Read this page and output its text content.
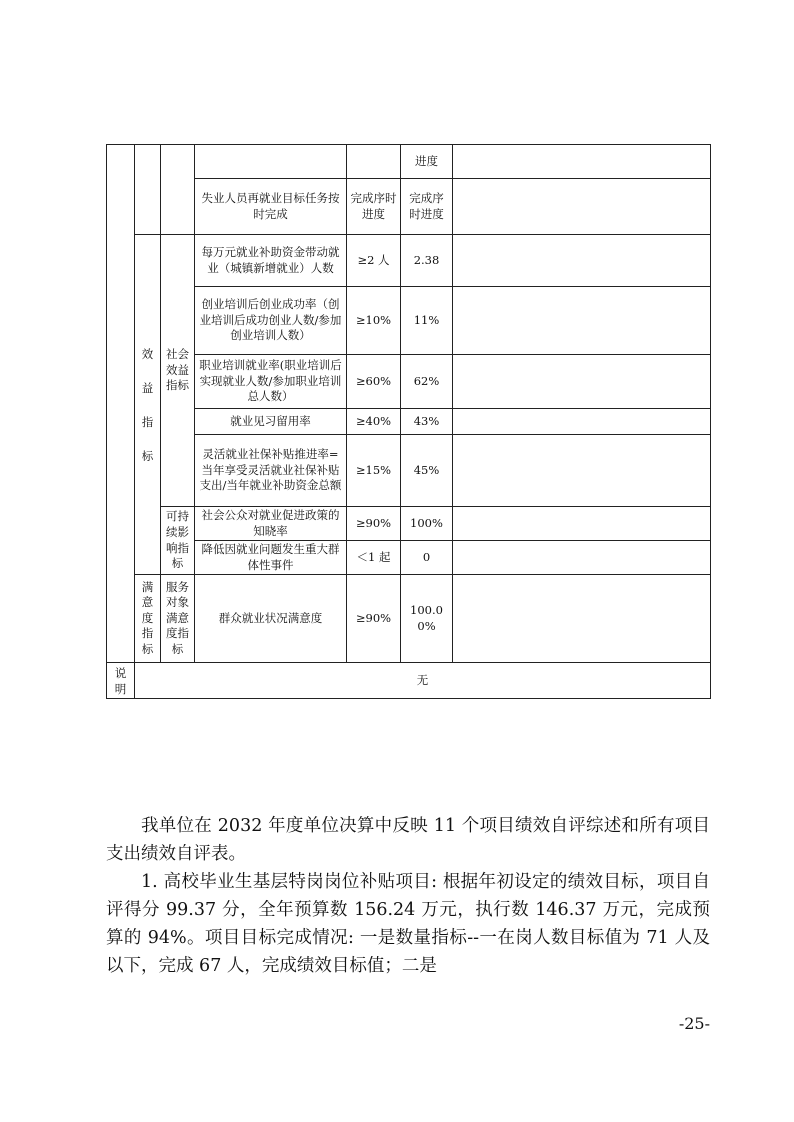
					进度	
			失业人员再就业目标任务按时完成	完成序时进度	完成序时进度	
	效益指标	社会效益指标	每万元就业补助资金带动就业（城镇新增就业）人数	≥2 人	2.38	
			创业培训后创业成功率（创业培训后成功创业人数/参加创业培训人数）	≥10%	11%	
			职业培训就业率(职业培训后实现就业人数/参加职业培训总人数）	≥60%	62%	
			就业见习留用率	≥40%	43%	
			灵活就业社保补贴推进率=当年享受灵活就业社保补贴支出/当年就业补助资金总额	≥15%	45%	
		可持续影响指标	社会公众对就业促进政策的知晓率	≥90%	100%	
			降低因就业问题发生重大群体性事件	＜1 起	0	
	满意度指标	服务对象满意度指标	群众就业状况满意度	≥90%	100.00%	
说明	无

我单位在 2032 年度单位决算中反映 11 个项目绩效自评综述和所有项目支出绩效自评表。

1. 高校毕业生基层特岗岗位补贴项目: 根据年初设定的绩效目标，项目自评得分 99.37 分，全年预算数 156.24 万元，执行数 146.37 万元，完成预算的 94%。项目目标完成情况: 一是数量指标--一在岗人数目标值为 71 人及以下，完成 67 人，完成绩效目标值；二是

-25-
